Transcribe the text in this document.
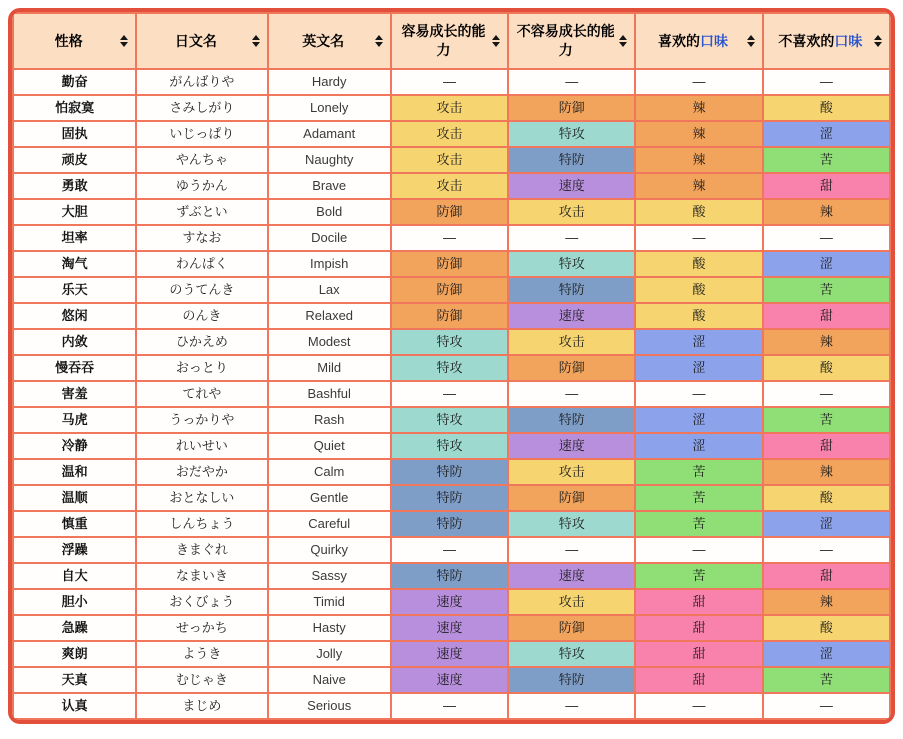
性格	日文名	英文名	容易成长的能力	不容易成长的能力	喜欢的口味	不喜欢的口味

勤奋	がんばりや	Hardy	—	—	—	—
怕寂寞	さみしがり	Lonely	攻击	防御	辣	酸
固执	いじっぱり	Adamant	攻击	特攻	辣	涩
顽皮	やんちゃ	Naughty	攻击	特防	辣	苦
勇敢	ゆうかん	Brave	攻击	速度	辣	甜
大胆	ずぶとい	Bold	防御	攻击	酸	辣
坦率	すなお	Docile	—	—	—	—
淘气	わんぱく	Impish	防御	特攻	酸	涩
乐天	のうてんき	Lax	防御	特防	酸	苦
悠闲	のんき	Relaxed	防御	速度	酸	甜
内敛	ひかえめ	Modest	特攻	攻击	涩	辣
慢吞吞	おっとり	Mild	特攻	防御	涩	酸
害羞	てれや	Bashful	—	—	—	—
马虎	うっかりや	Rash	特攻	特防	涩	苦
冷静	れいせい	Quiet	特攻	速度	涩	甜
温和	おだやか	Calm	特防	攻击	苦	辣
温顺	おとなしい	Gentle	特防	防御	苦	酸
慎重	しんちょう	Careful	特防	特攻	苦	涩
浮躁	きまぐれ	Quirky	—	—	—	—
自大	なまいき	Sassy	特防	速度	苦	甜
胆小	おくびょう	Timid	速度	攻击	甜	辣
急躁	せっかち	Hasty	速度	防御	甜	酸
爽朗	ようき	Jolly	速度	特攻	甜	涩
天真	むじゃき	Naive	速度	特防	甜	苦
认真	まじめ	Serious	—	—	—	—
